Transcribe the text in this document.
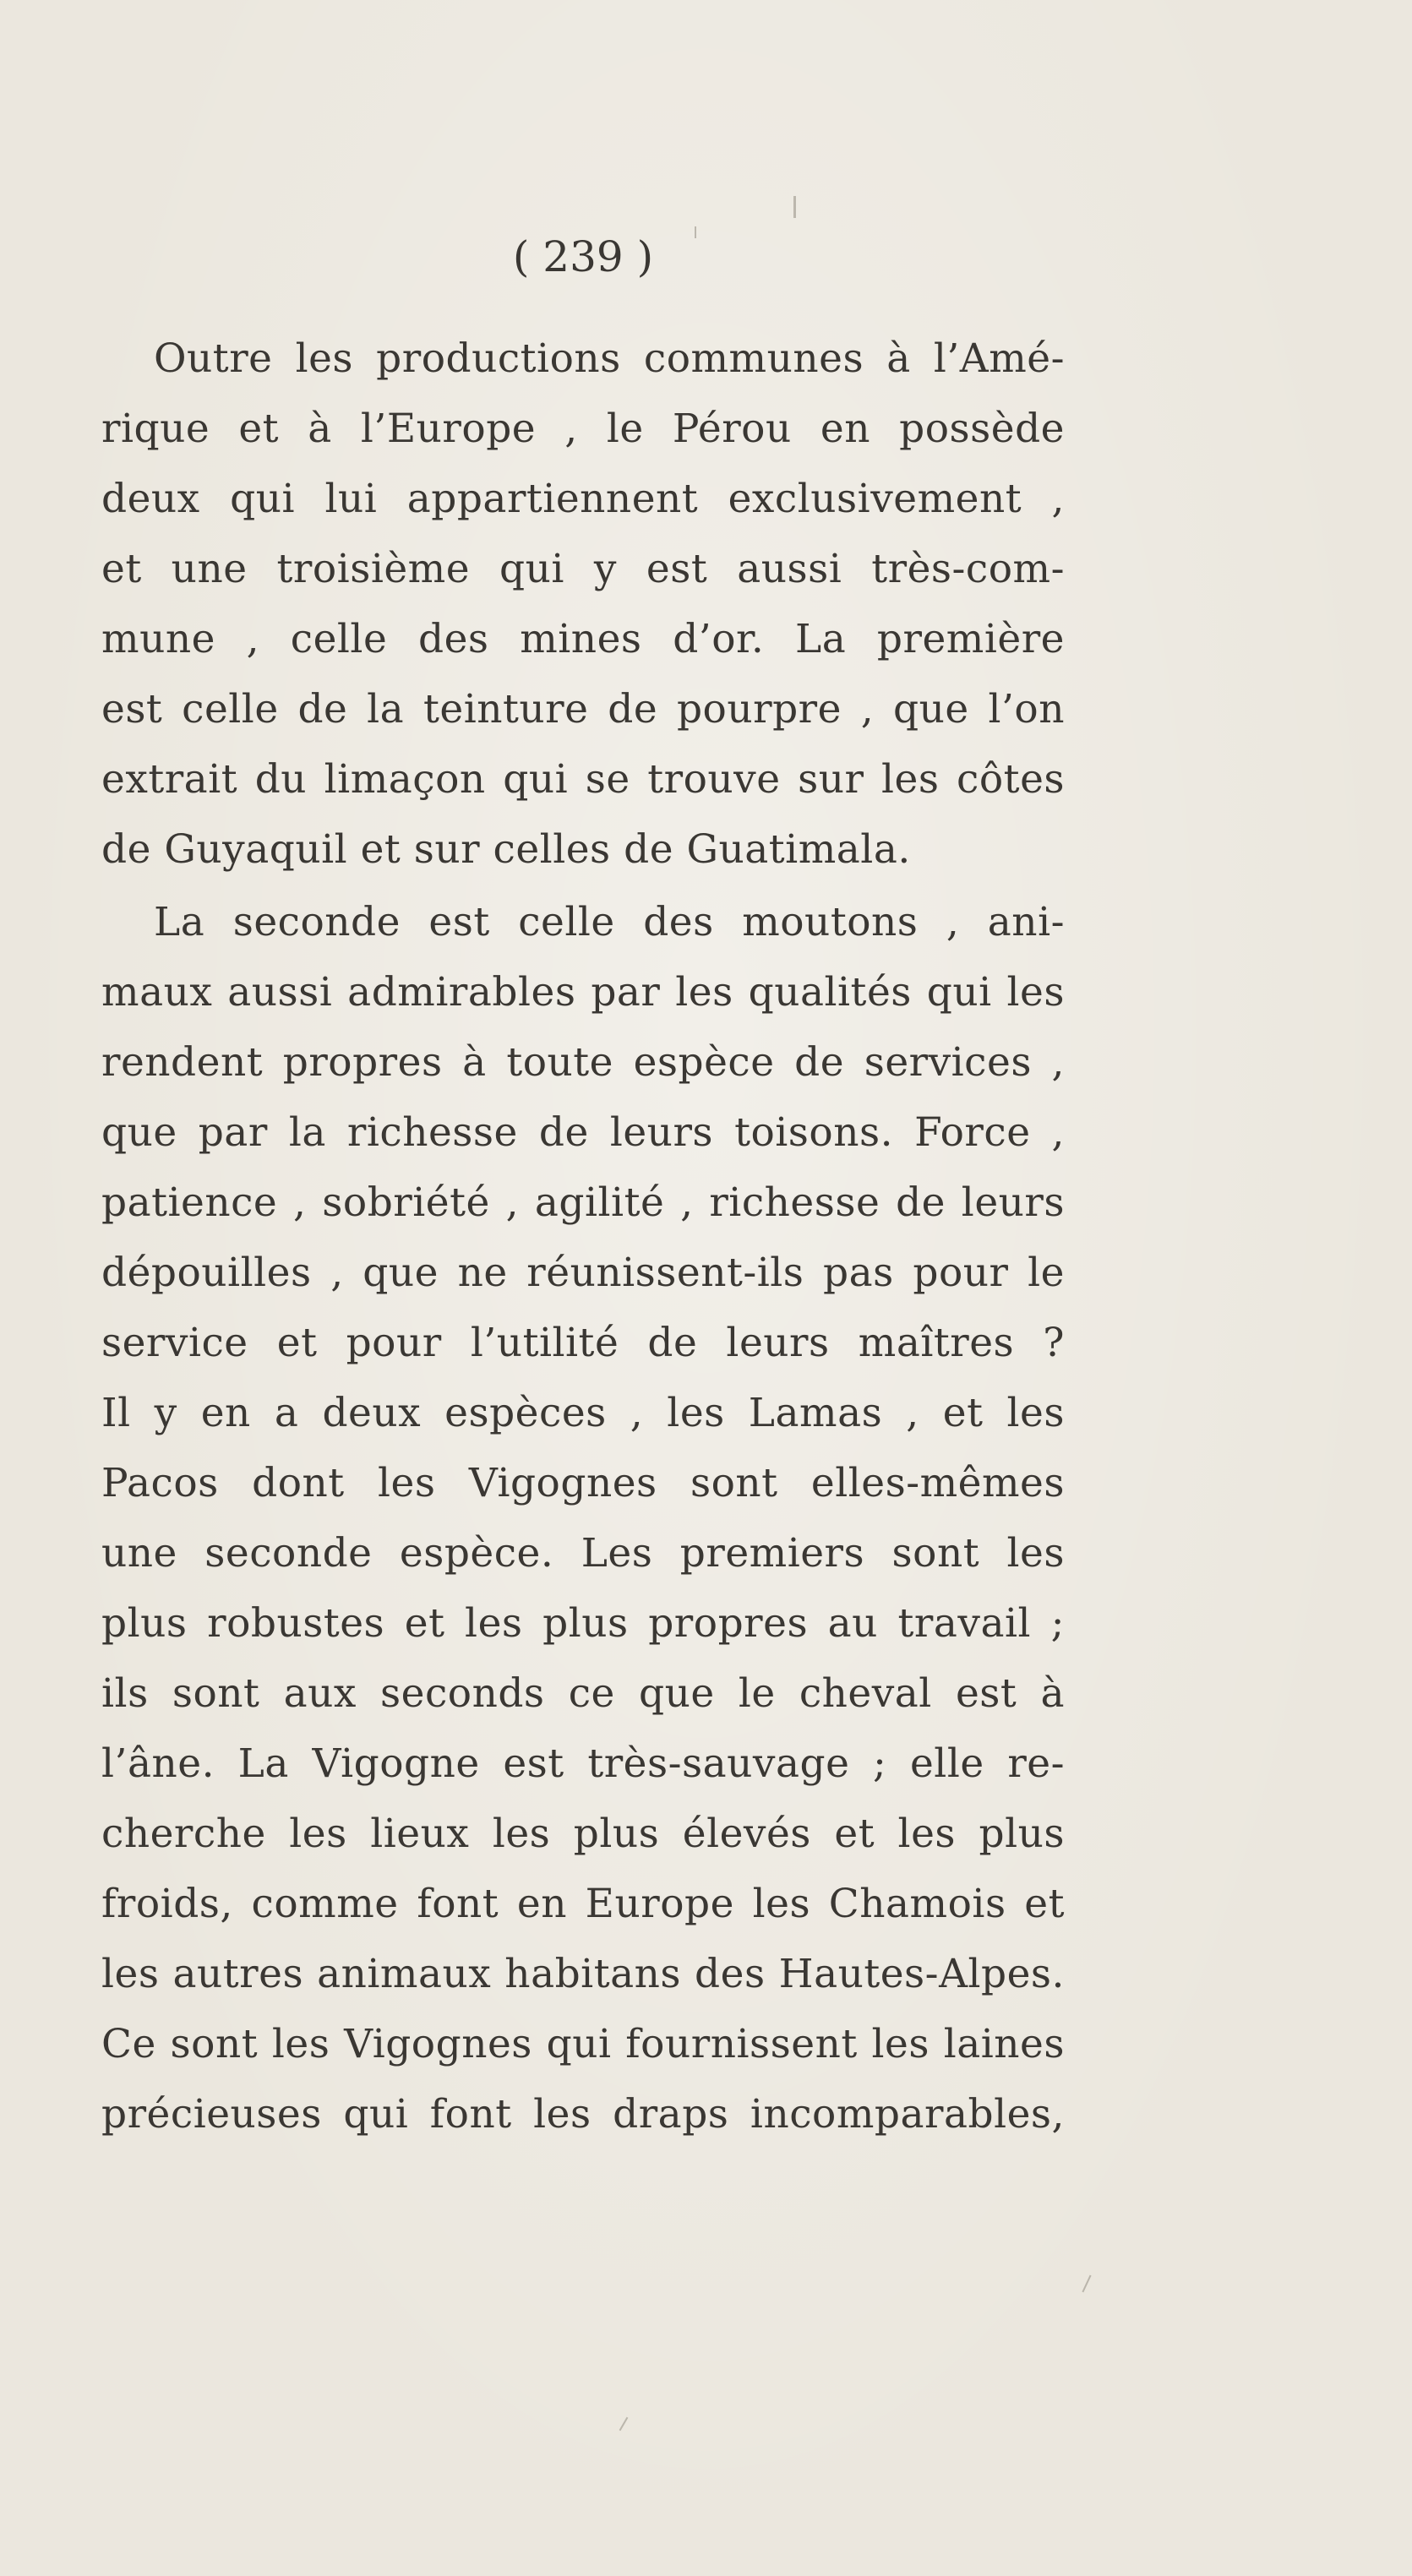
( 239 )
Outre les productions communes à l’Amé-
rique et à l’Europe , le Pérou en possède
deux qui lui appartiennent exclusivement ,
et une troisième qui y est aussi très-com-
mune , celle des mines d’or. La première
est celle de la teinture de pourpre , que l’on
extrait du limaçon qui se trouve sur les côtes
de Guyaquil et sur celles de Guatimala.
La seconde est celle des moutons , ani-
maux aussi admirables par les qualités qui les
rendent propres à toute espèce de services ,
que par la richesse de leurs toisons. Force ,
patience , sobriété , agilité , richesse de leurs
dépouilles , que ne réunissent-ils pas pour le
service et pour l’utilité de leurs maîtres ?
Il y en a deux espèces , les Lamas , et les
Pacos dont les Vigognes sont elles-mêmes
une seconde espèce. Les premiers sont les
plus robustes et les plus propres au travail ;
ils sont aux seconds ce que le cheval est à
l’âne. La Vigogne est très-sauvage ; elle re-
cherche les lieux les plus élevés et les plus
froids, comme font en Europe les Chamois et
les autres animaux habitans des Hautes-Alpes.
Ce sont les Vigognes qui fournissent les laines
précieuses qui font les draps incomparables,
